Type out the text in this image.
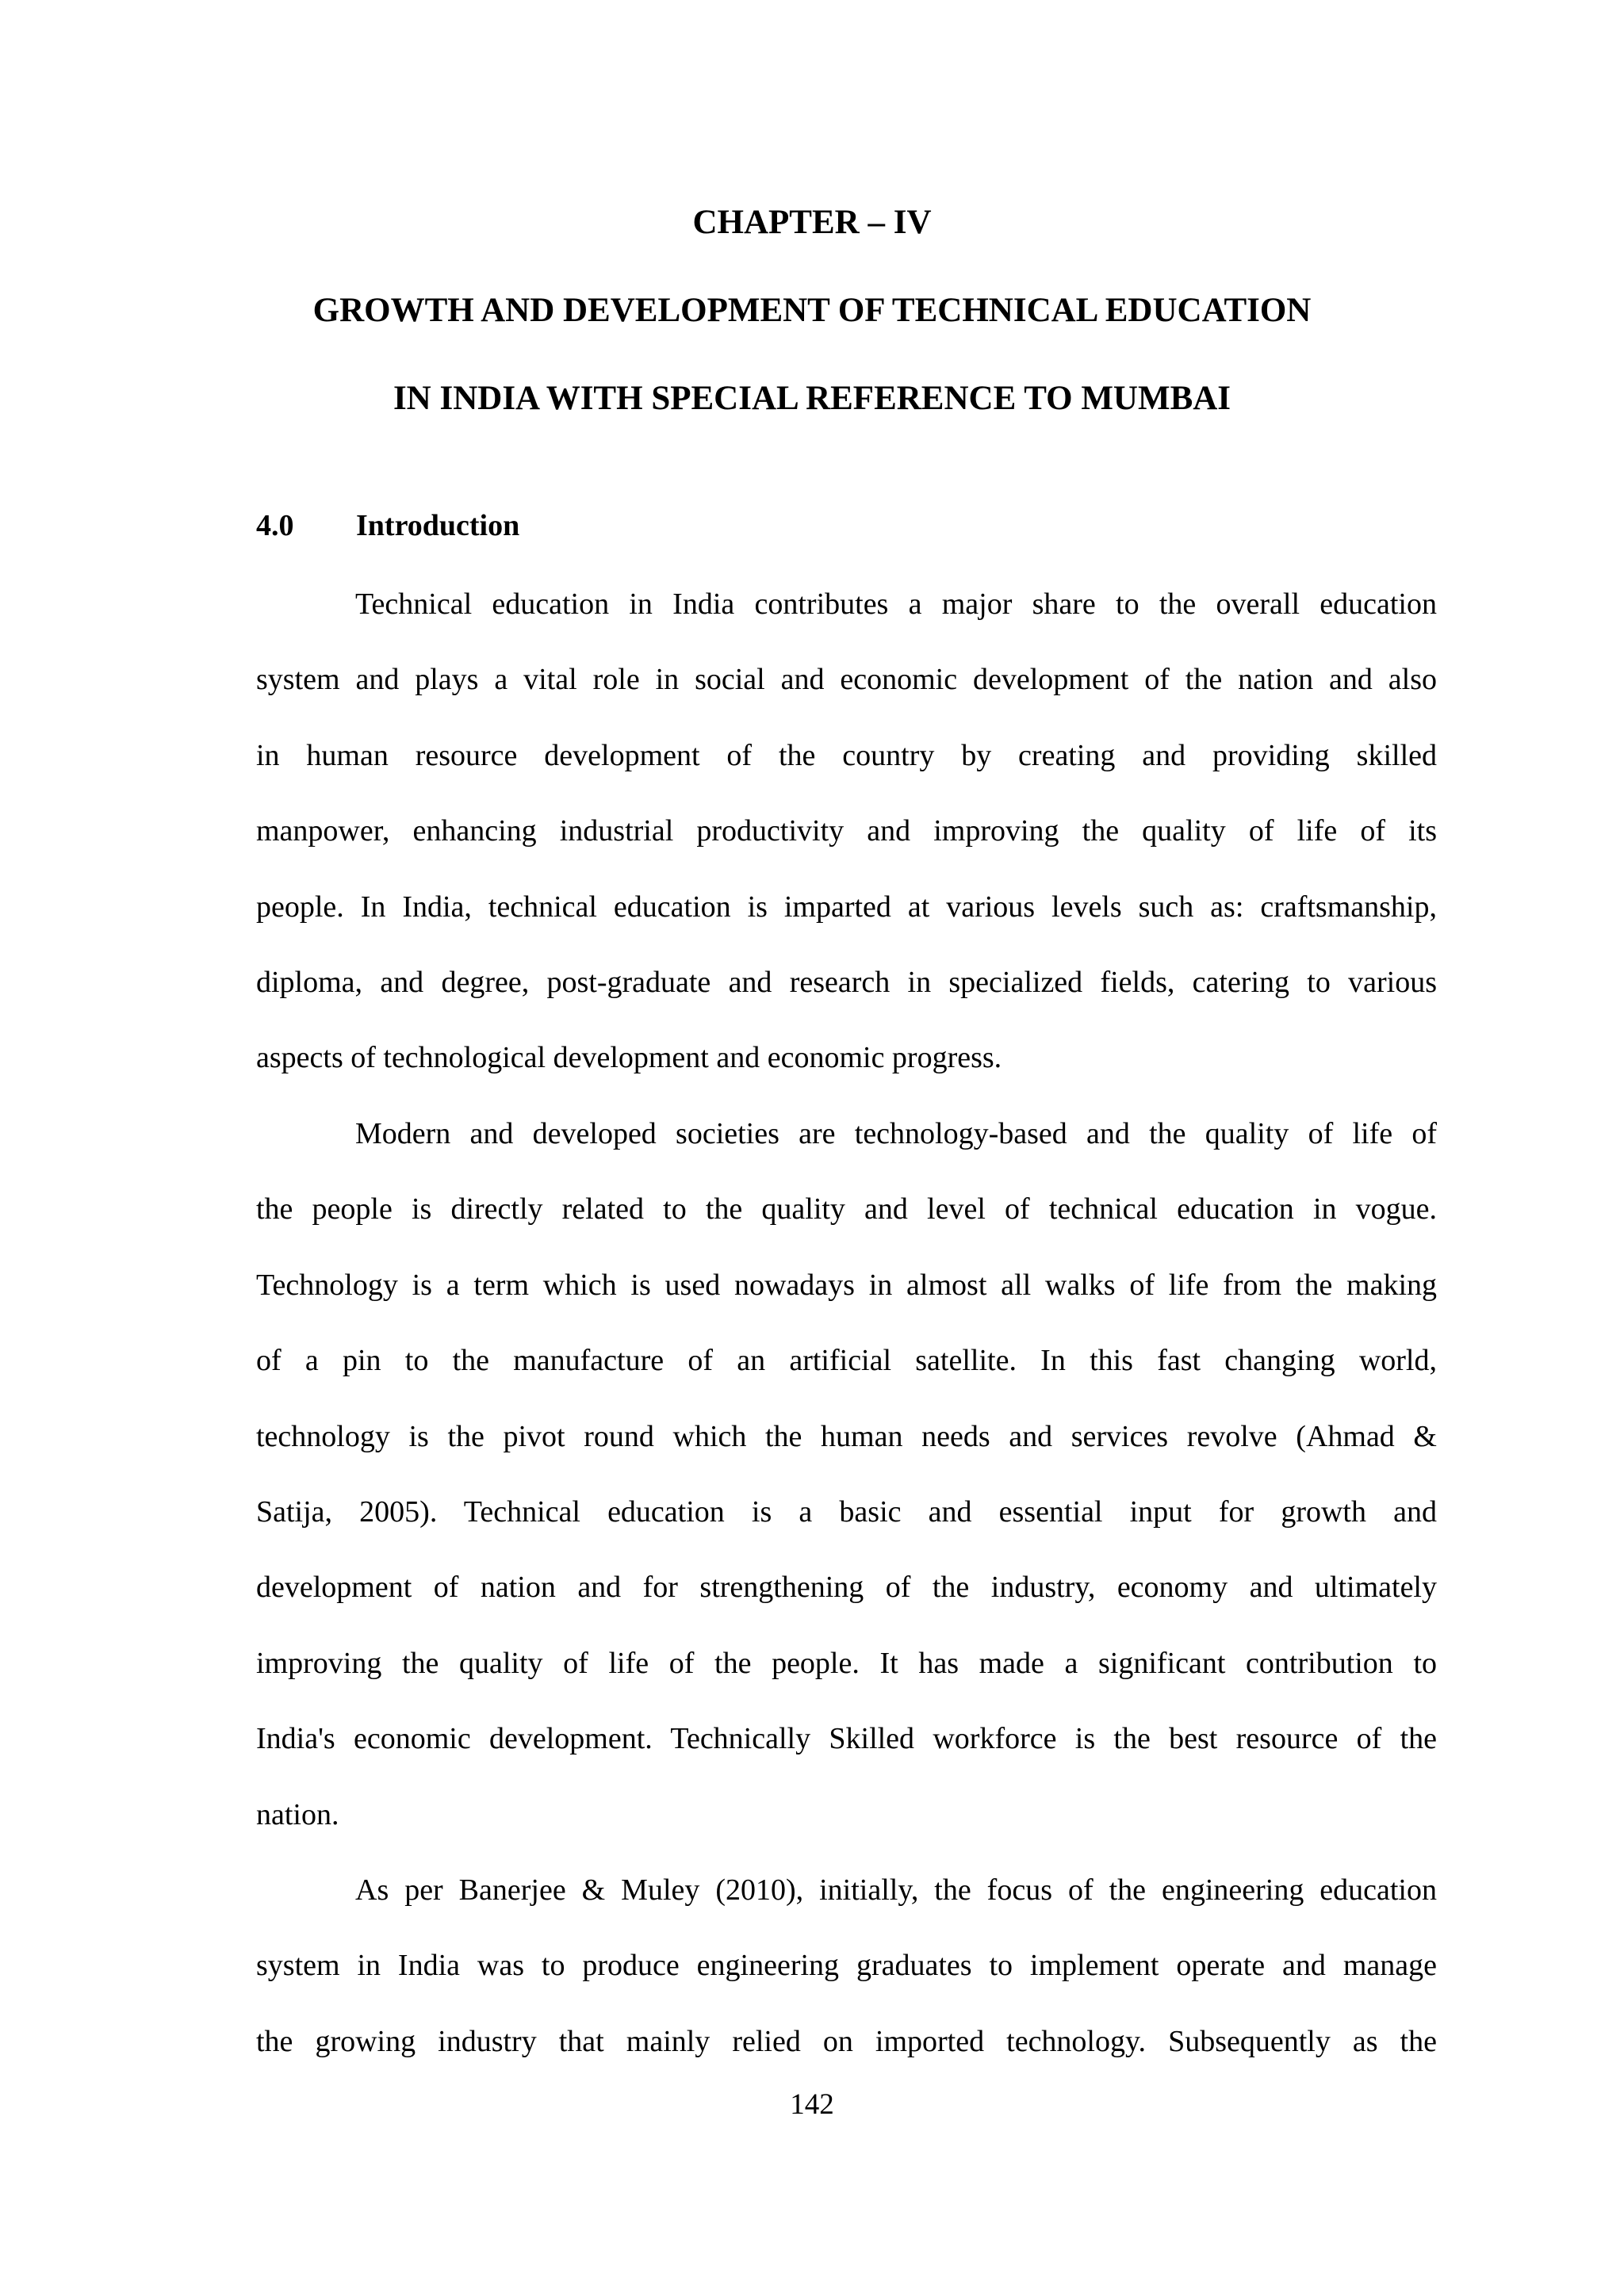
CHAPTER – IV
GROWTH AND DEVELOPMENT OF TECHNICAL EDUCATION
IN INDIA WITH SPECIAL REFERENCE TO MUMBAI
4.0 Introduction
Technical education in India contributes a major share to the overall education
system and plays a vital role in social and economic development of the nation and also
in human resource development of the country by creating and providing skilled
manpower, enhancing industrial productivity and improving the quality of life of its
people. In India, technical education is imparted at various levels such as: craftsmanship,
diploma, and degree, post-graduate and research in specialized fields, catering to various
aspects of technological development and economic progress.
Modern and developed societies are technology-based and the quality of life of
the people is directly related to the quality and level of technical education in vogue.
Technology is a term which is used nowadays in almost all walks of life from the making
of a pin to the manufacture of an artificial satellite. In this fast changing world,
technology is the pivot round which the human needs and services revolve (Ahmad &
Satija, 2005). Technical education is a basic and essential input for growth and
development of nation and for strengthening of the industry, economy and ultimately
improving the quality of life of the people. It has made a significant contribution to
India's economic development. Technically Skilled workforce is the best resource of the
nation.
As per Banerjee & Muley (2010), initially, the focus of the engineering education
system in India was to produce engineering graduates to implement operate and manage
the growing industry that mainly relied on imported technology. Subsequently as the
142
